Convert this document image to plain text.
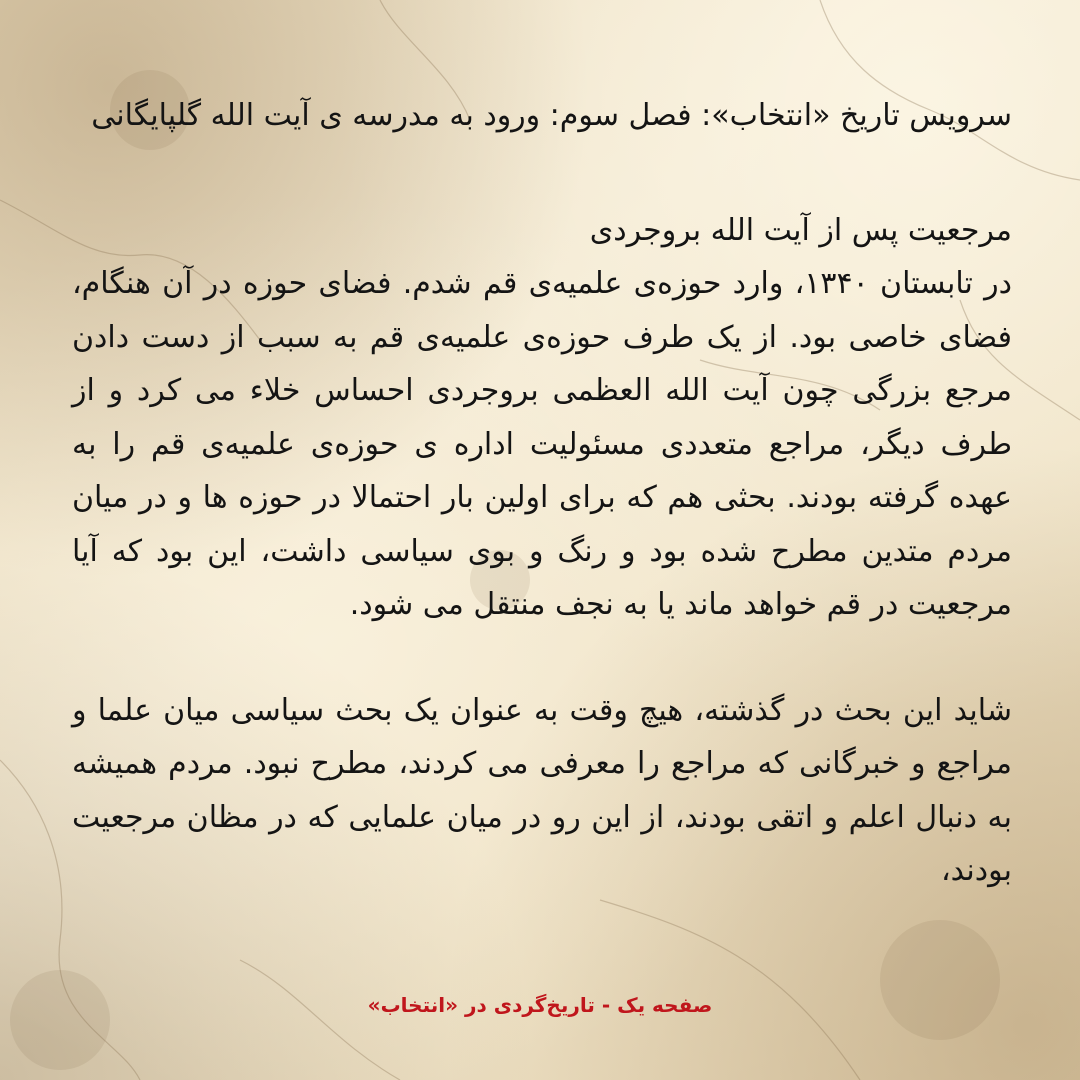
سرویس تاریخ «انتخاب»: فصل سوم: ورود به مدرسه ی آیت الله گلپایگانی
مرجعیت پس از آیت الله بروجردی

در تابستان ۱۳۴۰، وارد حوزه‌ی علمیه‌ی قم شدم. فضای حوزه در آن هنگام، فضای خاصی بود. از یک طرف حوزه‌ی علمیه‌ی قم به سبب از دست دادن مرجع بزرگی چون آیت الله العظمی بروجردی احساس خلاء می کرد و از طرف دیگر، مراجع متعددی مسئولیت اداره ی حوزه‌ی علمیه‌ی قم را به عهده گرفته بودند. بحثی هم که برای اولین بار احتمالا در حوزه ها و در میان مردم متدین مطرح شده بود و رنگ و بوی سیاسی داشت، این بود که آیا مرجعیت در قم خواهد ماند یا به نجف منتقل می شود.

شاید این بحث در گذشته، هیچ وقت به عنوان یک بحث سیاسی میان علما و مراجع و خبرگانی که مراجع را معرفی می کردند، مطرح نبود. مردم همیشه به دنبال اعلم و اتقی بودند، از این رو در میان علمایی که در مظان مرجعیت بودند،

صفحه یک - تاریخ‌گردی در «انتخاب»
